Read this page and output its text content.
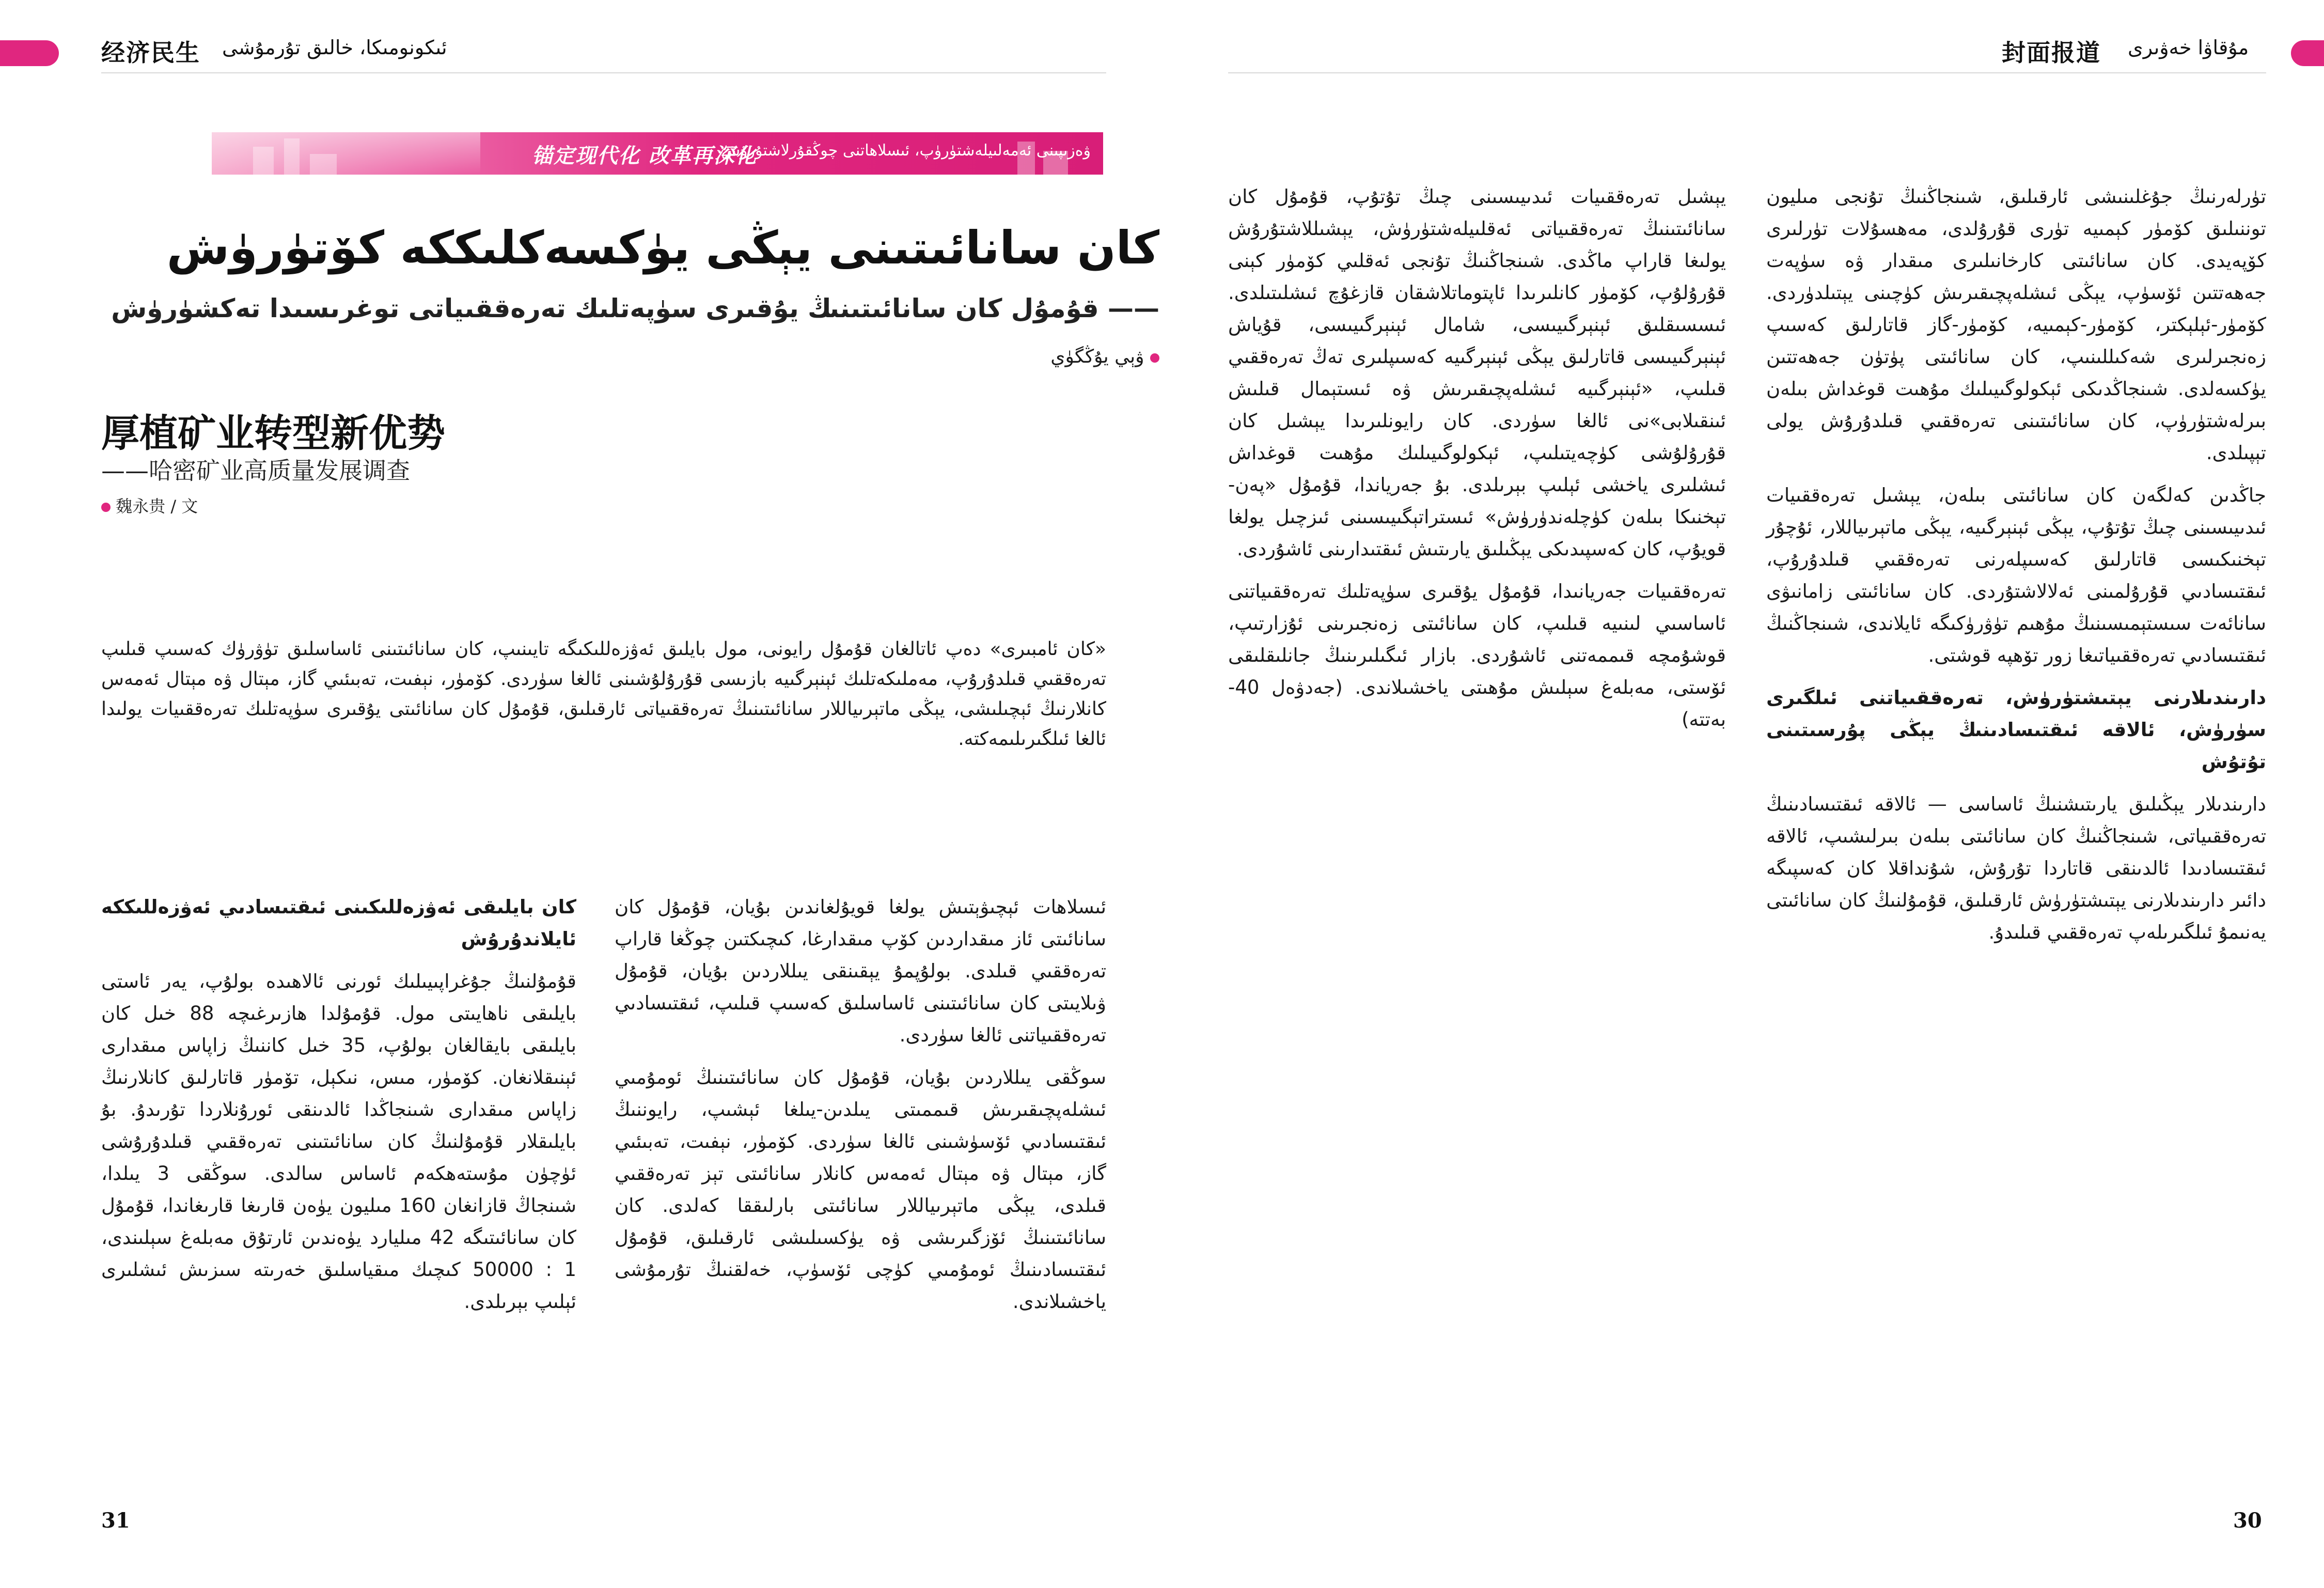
经济民生 ئىكونومىكا، خالىق تۇرمۇشى	封面报道 مۇقاۋا خەۋىرى
锚定现代化 改革再深化
ۋەزىپىنى ئەمەلىيلەشتۈرۈپ، ئىسلاھاتنى چوڭقۇرلاشتۇرۇش
كان سانائىتىنى يېڭى يۈكسەكلىككە كۆتۈرۈش
—— قۇمۇل كان سانائىتىنىڭ يۇقىرى سۈپەتلىك تەرەققىياتى توغرىسىدا تەكشۈرۈش
ۋېي يۇڭگۈي
厚植矿业转型新优势
——哈密矿业高质量发展调查
魏永贵 / 文
«كان ئامبىرى» دەپ ئاتالغان قۇمۇل رايونى، مول بايلىق ئەۋزەللىكىگە تايىنىپ، كان سانائىتىنى ئاساسلىق تۈۋرۈك كەسىپ قىلىپ تەرەققىي قىلدۇرۇپ، مەملىكەتلىك ئېنېرگىيە بازىسى قۇرۇلۇشىنى ئالغا سۈردى. كۆمۈر، نېفىت، تەبىئىي گاز، مېتال ۋە مېتال ئەمەس كانلارنىڭ ئېچىلىشى، يېڭى ماتېرىياللار سانائىتىنىڭ تەرەققىياتى ئارقىلىق، قۇمۇل كان سانائىتى يۇقىرى سۈپەتلىك تەرەققىيات يولىدا ئالغا ئىلگىرىلىمەكتە.

كان بايلىقى ئەۋزەللىكىنى ئىقتىسادىي ئەۋزەللىككە ئايلاندۇرۇش

قۇمۇلنىڭ جۇغراپىيىلىك ئورنى ئالاھىدە بولۇپ، يەر ئاستى بايلىقى ناھايىتى مول. قۇمۇلدا ھازىرغىچە 88 خىل كان بايلىقى بايقالغان بولۇپ، 35 خىل كاننىڭ زاپاس مىقدارى ئېنىقلانغان. كۆمۈر، مىس، نىكېل، تۆمۈر قاتارلىق كانلارنىڭ زاپاس مىقدارى شىنجاڭدا ئالدىنقى ئورۇنلاردا تۇرىدۇ. بۇ بايلىقلار قۇمۇلنىڭ كان سانائىتىنى تەرەققىي قىلدۇرۇشى ئۈچۈن مۇستەھكەم ئاساس سالدى. سوڭقى 3 يىلدا، شىنجاڭ قازانغان 160 مىليون يۈەن قارىغا قارىغاندا، قۇمۇل كان سانائىتىگە 42 مىليارد يۈەندىن ئارتۇق مەبلەغ سېلىندى، 1 : 50000 كىچىك مىقياسلىق خەرىتە سىزىش ئىشلىرى ئېلىپ بېرىلدى.

ئىسلاھات ئېچىۋېتىش يولغا قويۇلغاندىن بۇيان، قۇمۇل كان سانائىتى ئاز مىقداردىن كۆپ مىقدارغا، كىچىكتىن چوڭغا قاراپ تەرەققىي قىلدى. بولۇپمۇ يېقىنقى يىللاردىن بۇيان، قۇمۇل ۋىلايىتى كان سانائىتىنى ئاساسلىق كەسىپ قىلىپ، ئىقتىسادىي تەرەققىياتنى ئالغا سۈردى.

سوڭقى يىللاردىن بۇيان، قۇمۇل كان سانائىتىنىڭ ئومۇمىي ئىشلەپچىقىرىش قىممىتى يىلدىن-يىلغا ئېشىپ، رايوننىڭ ئىقتىسادىي ئۆسۈشىنى ئالغا سۈردى. كۆمۈر، نېفىت، تەبىئىي گاز، مېتال ۋە مېتال ئەمەس كانلار سانائىتى تېز تەرەققىي قىلدى، يېڭى ماتېرىياللار سانائىتى بارلىققا كەلدى. كان سانائىتىنىڭ ئۆزگىرىشى ۋە يۈكسىلىشى ئارقىلىق، قۇمۇل ئىقتىسادىنىڭ ئومۇمىي كۈچى ئۆسۈپ، خەلقنىڭ تۇرمۇشى ياخشىلاندى.

يېشىل تەرەققىيات ئىدىيىسىنى چىڭ تۇتۇپ، قۇمۇل كان سانائىتىنىڭ تەرەققىياتى ئەقلىيلەشتۈرۈش، يېشىللاشتۇرۇش يولىغا قاراپ ماڭدى. شىنجاڭنىڭ تۇنجى ئەقلىي كۆمۈر كېنى قۇرۇلۇپ، كۆمۈر كانلىرىدا ئاپتوماتلاشقان قازغۇچ ئىشلىتىلدى. ئىسسىقلىق ئېنېرگىيىسى، شامال ئېنېرگىيىسى، قۇياش ئېنېرگىيىسى قاتارلىق يېڭى ئېنېرگىيە كەسىپلىرى تەڭ تەرەققىي قىلىپ، «ئېنېرگىيە ئىشلەپچىقىرىش ۋە ئىستېمال قىلىش ئىنقىلابى»نى ئالغا سۈردى. كان رايونلىرىدا يېشىل كان قۇرۇلۇشى كۈچەيتىلىپ، ئېكولوگىيىلىك مۇھىت قوغداش ئىشلىرى ياخشى ئېلىپ بېرىلدى. بۇ جەرياندا، قۇمۇل «پەن-تېخنىكا بىلەن كۈچلەندۈرۈش» ئىستراتېگىيىسىنى ئىزچىل يولغا قويۇپ، كان كەسپىدىكى يېڭىلىق يارىتىش ئىقتىدارىنى ئاشۇردى.

تەرەققىيات جەريانىدا، قۇمۇل يۇقىرى سۈپەتلىك تەرەققىياتنى ئاساسىي لىنىيە قىلىپ، كان سانائىتى زەنجىرىنى ئۇزارتىپ، قوشۇمچە قىممەتنى ئاشۇردى. بازار ئىگىلىرىنىڭ جانلىقلىقى ئۆستى، مەبلەغ سېلىش مۇھىتى ياخشىلاندى. (جەدۋەل 40-بەتتە)

تۈرلەرنىڭ جۇغلىنىشى ئارقىلىق، شىنجاڭنىڭ تۇنجى مىليون توننىلىق كۆمۈر كېمىيە تۈرى قۇرۇلدى، مەھسۇلات تۈرلىرى كۆپەيدى. كان سانائىتى كارخانىلىرى مىقدار ۋە سۈپەت جەھەتتىن ئۆسۈپ، يېڭى ئىشلەپچىقىرىش كۈچىنى يېتىلدۈردى. كۆمۈر-ئېلېكتر، كۆمۈر-كېمىيە، كۆمۈر-گاز قاتارلىق كەسىپ زەنجىرلىرى شەكىللىنىپ، كان سانائىتى پۈتۈن جەھەتتىن يۈكسەلدى. شىنجاڭدىكى ئېكولوگىيىلىك مۇھىت قوغداش بىلەن بىرلەشتۈرۈپ، كان سانائىتىنى تەرەققىي قىلدۇرۇش يولى تېپىلدى.

جاڭدىن كەلگەن كان سانائىتى بىلەن، يېشىل تەرەققىيات ئىدىيىسىنى چىڭ تۇتۇپ، يېڭى ئېنېرگىيە، يېڭى ماتېرىياللار، ئۇچۇر تېخنىكىسى قاتارلىق كەسىپلەرنى تەرەققىي قىلدۇرۇپ، ئىقتىسادىي قۇرۇلمىنى ئەلالاشتۇردى. كان سانائىتى زامانىۋى سانائەت سىستېمىسىنىڭ مۇھىم تۈۋرۈكىگە ئايلاندى، شىنجاڭنىڭ ئىقتىسادىي تەرەققىياتىغا زور تۆھپە قوشتى.

دارىندىلارنى يېتىشتۈرۈش، تەرەققىياتنى ئىلگىرى سۈرۈش، ئالاقە ئىقتىسادىنىڭ يېڭى پۇرسىتىنى تۇتۇش

دارىندىلار يېڭىلىق يارىتىشنىڭ ئاساسى — ئالاقە ئىقتىسادىنىڭ تەرەققىياتى، شىنجاڭنىڭ كان سانائىتى بىلەن بىرلىشىپ، ئالاقە ئىقتىسادىدا ئالدىنقى قاتاردا تۇرۇش، شۇنداقلا كان كەسپىگە دائىر دارىندىلارنى يېتىشتۈرۈش ئارقىلىق، قۇمۇلنىڭ كان سانائىتى يەنىمۇ ئىلگىرىلەپ تەرەققىي قىلىدۇ.

31	30
